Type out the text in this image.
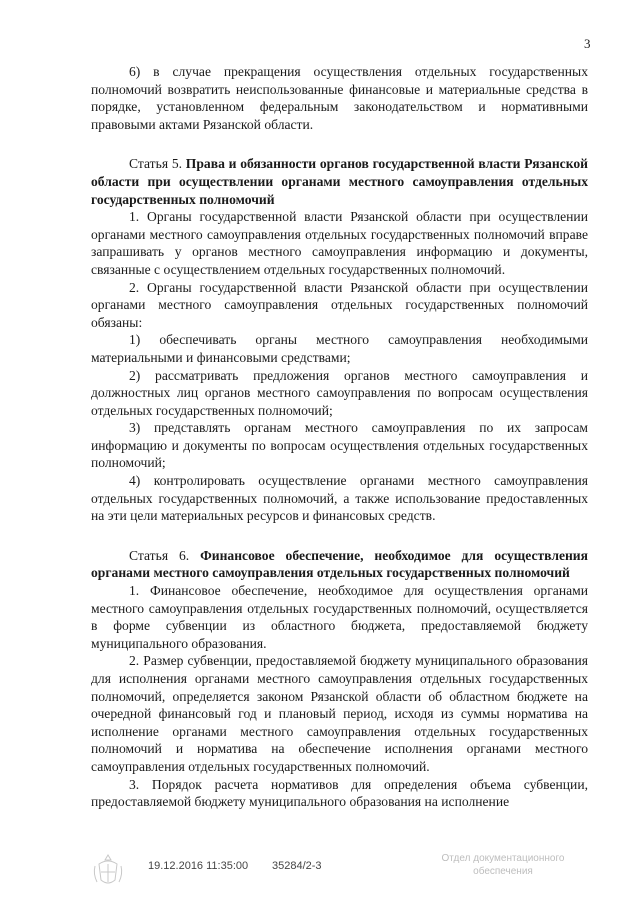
3

6) в случае прекращения осуществления отдельных государственных полномочий возвратить неиспользованные финансовые и материальные средства в порядке, установленном федеральным законодательством и нормативными правовыми актами Рязанской области.

Статья 5. Права и обязанности органов государственной власти Рязанской области при осуществлении органами местного самоуправления отдельных государственных полномочий

1. Органы государственной власти Рязанской области при осуществлении органами местного самоуправления отдельных государственных полномочий вправе запрашивать у органов местного самоуправления информацию и документы, связанные с осуществлением отдельных государственных полномочий.

2. Органы государственной власти Рязанской области при осуществлении органами местного самоуправления отдельных государственных полномочий обязаны:

1) обеспечивать органы местного самоуправления необходимыми материальными и финансовыми средствами;

2) рассматривать предложения органов местного самоуправления и должностных лиц органов местного самоуправления по вопросам осуществления отдельных государственных полномочий;

3) представлять органам местного самоуправления по их запросам информацию и документы по вопросам осуществления отдельных государственных полномочий;

4) контролировать осуществление органами местного самоуправления отдельных государственных полномочий, а также использование предоставленных на эти цели материальных ресурсов и финансовых средств.

Статья 6. Финансовое обеспечение, необходимое для осуществления органами местного самоуправления отдельных государственных полномочий

1. Финансовое обеспечение, необходимое для осуществления органами местного самоуправления отдельных государственных полномочий, осуществляется в форме субвенции из областного бюджета, предоставляемой бюджету муниципального образования.

2. Размер субвенции, предоставляемой бюджету муниципального образования для исполнения органами местного самоуправления отдельных государственных полномочий, определяется законом Рязанской области об областном бюджете на очередной финансовый год и плановый период, исходя из суммы норматива на исполнение органами местного самоуправления отдельных государственных полномочий и норматива на обеспечение исполнения органами местного самоуправления отдельных государственных полномочий.

3. Порядок расчета нормативов для определения объема субвенции, предоставляемой бюджету муниципального образования на исполнение

19.12.2016 11:35:00 35284/2-3
Отдел документационного
обеспечения
